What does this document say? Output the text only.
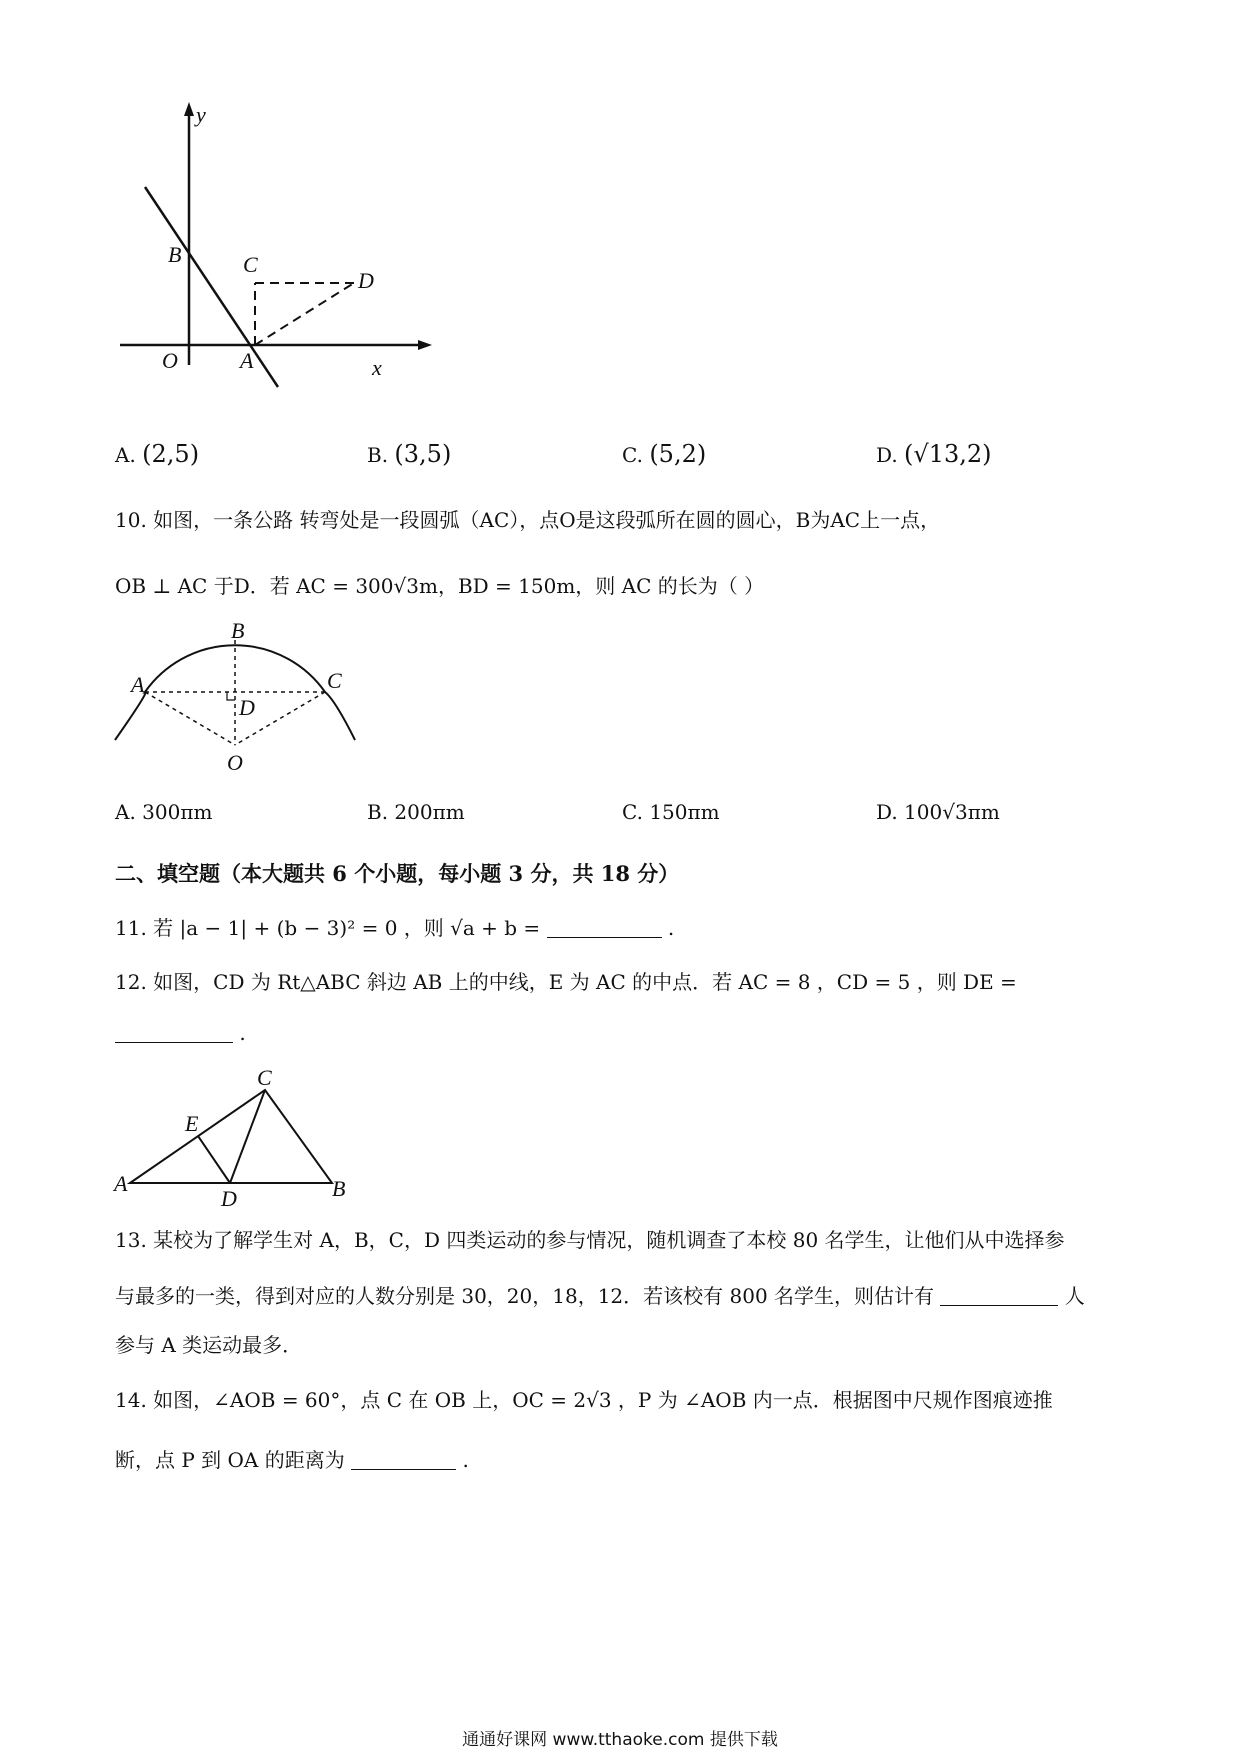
y
x
O	A
B	C
D
A. (2,5)	B. (3,5)	C. (5,2)	D. (√13,2)
10. 如图，一条公路 转弯处是一段圆弧（AC），点O是这段弧所在圆的圆心，B为AC上一点，
OB ⊥ AC 于D．若 AC = 300√3m，BD = 150m，则 AC 的长为（ ）
B
A	C
D
O
A. 300πm	B. 200πm	C. 150πm	D. 100√3πm
二、填空题（本大题共 6 个小题，每小题 3 分，共 18 分）
11. 若 |a − 1| + (b − 3)² = 0 ，则 √a + b =	.
12. 如图，CD 为 Rt△ABC 斜边 AB 上的中线，E 为 AC 的中点．若 AC = 8 ，CD = 5 ，则 DE =
.
C
E
A	B
D
13. 某校为了解学生对 A，B，C，D 四类运动的参与情况，随机调查了本校 80 名学生，让他们从中选择参
与最多的一类，得到对应的人数分别是 30，20，18，12．若该校有 800 名学生，则估计有	人
参与 A 类运动最多．
14. 如图，∠AOB = 60°，点 C 在 OB 上，OC = 2√3 ，P 为 ∠AOB 内一点．根据图中尺规作图痕迹推
断，点 P 到 OA 的距离为	.
通通好课网 www.tthaoke.com 提供下载
